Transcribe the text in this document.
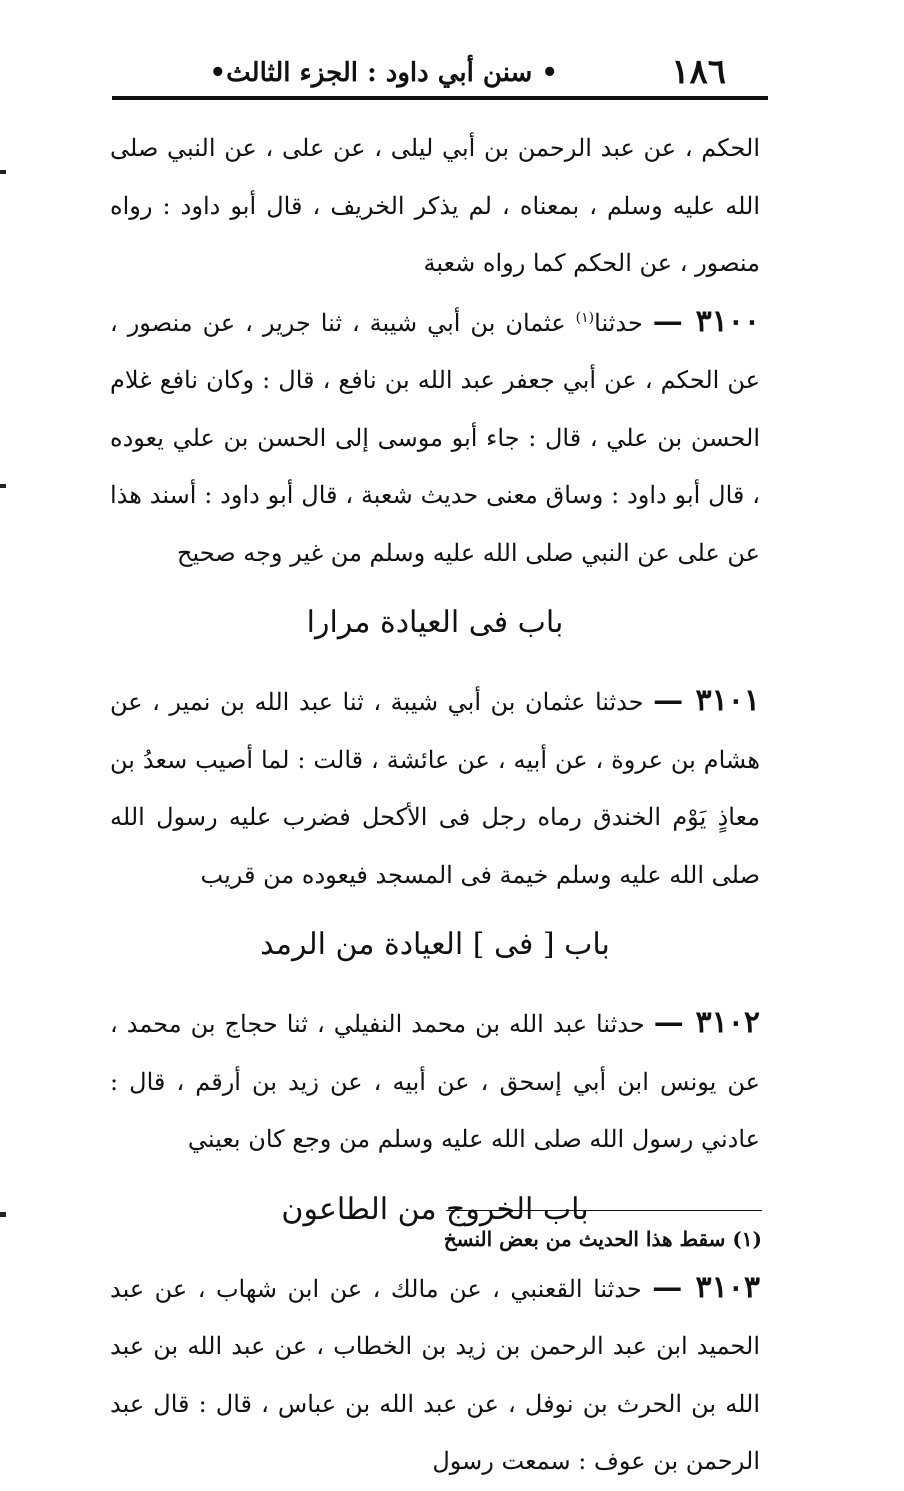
١٨٦
• سنن أبي داود : الجزء الثالث•

الحكم ، عن عبد الرحمن بن أبي ليلى ، عن على ، عن النبي صلى الله عليه وسلم ، بمعناه ، لم يذكر الخريف ، قال أبو داود : رواه منصور ، عن الحكم كما رواه شعبة

٣١٠٠ — حدثنا$^{(١)}$ عثمان بن أبي شيبة ، ثنا جرير ، عن منصور ، عن الحكم ، عن أبي جعفر عبد الله بن نافع ، قال : وكان نافع غلام الحسن بن علي ، قال : جاء أبو موسى إلى الحسن بن علي يعوده ، قال أبو داود : وساق معنى حديث شعبة ، قال أبو داود : أسند هذا عن على عن النبي صلى الله عليه وسلم من غير وجه صحيح

باب فى العيادة مرارا

٣١٠١ — حدثنا عثمان بن أبي شيبة ، ثنا عبد الله بن نمير ، عن هشام بن عروة ، عن أبيه ، عن عائشة ، قالت : لما أصيب سعدُ بن معاذٍ يَوْم الخندق رماه رجل فى الأكحل فضرب عليه رسول الله صلى الله عليه وسلم خيمة فى المسجد فيعوده من قريب

باب [ فى ] العيادة من الرمد

٣١٠٢ — حدثنا عبد الله بن محمد النفيلي ، ثنا حجاج بن محمد ، عن يونس ابن أبي إسحق ، عن أبيه ، عن زيد بن أرقم ، قال : عادني رسول الله صلى الله عليه وسلم من وجع كان بعيني

باب الخروج من الطاعون

٣١٠٣ — حدثنا القعنبي ، عن مالك ، عن ابن شهاب ، عن عبد الحميد ابن عبد الرحمن بن زيد بن الخطاب ، عن عبد الله بن عبد الله بن الحرث بن نوفل ، عن عبد الله بن عباس ، قال : قال عبد الرحمن بن عوف : سمعت رسول

(١) سقط هذا الحديث من بعض النسخ
